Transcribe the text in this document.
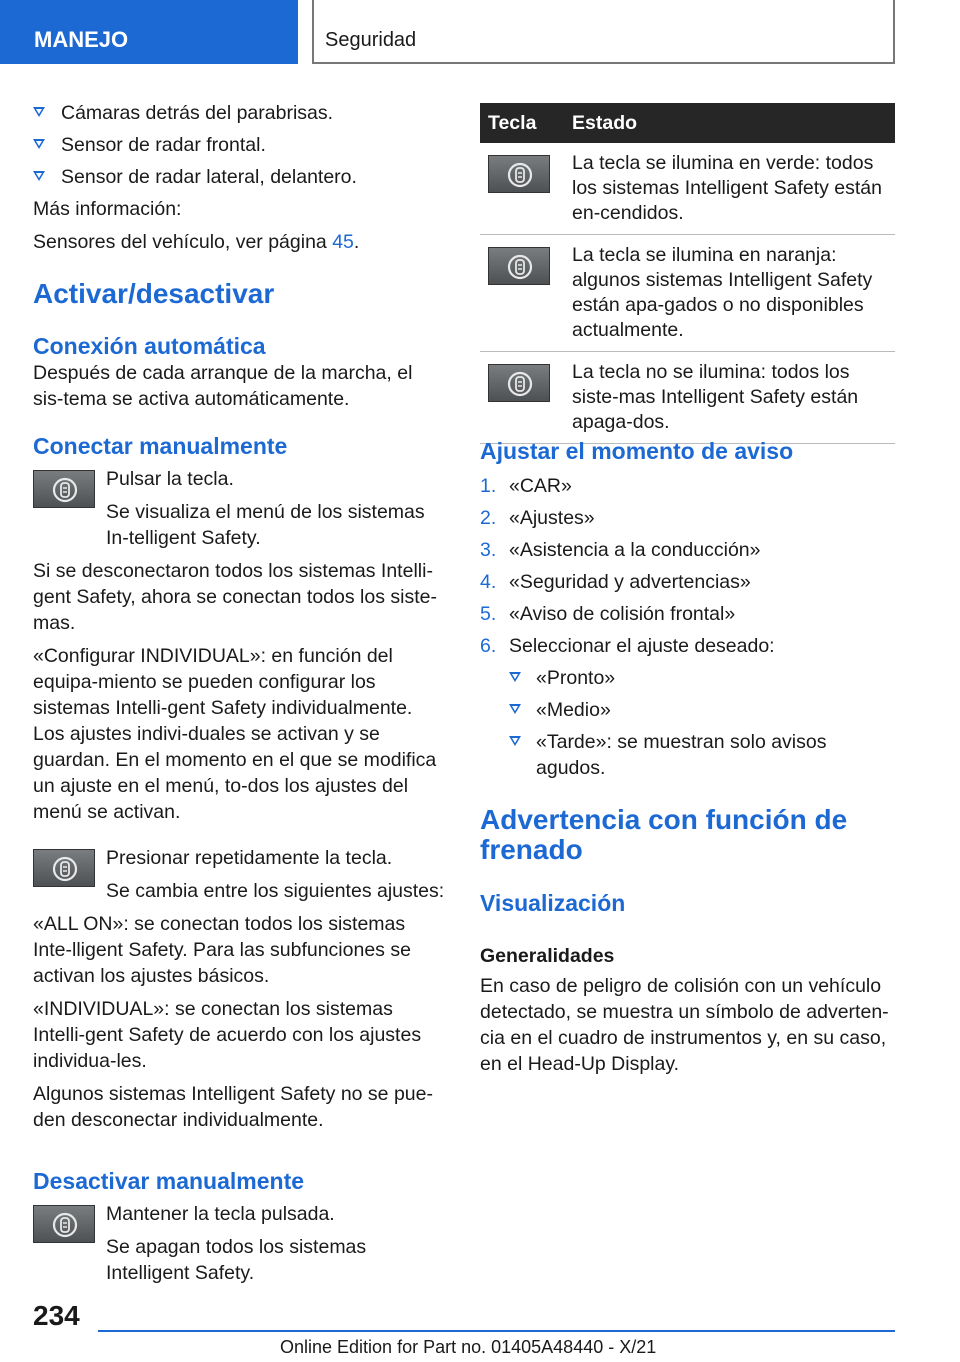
MANEJO	Seguridad
Cámaras detrás del parabrisas.
Sensor de radar frontal.
Sensor de radar lateral, delantero.

Más información:

Sensores del vehículo, ver página 45.

Activar/desactivar
Conexión automática

Después de cada arranque de la marcha, el sis-tema se activa automáticamente.

Conectar manualmente

Pulsar la tecla.

Se visualiza el menú de los sistemas In-telligent Safety.

Si se desconectaron todos los sistemas Intelli-gent Safety, ahora se conectan todos los siste-mas.

«Configurar INDIVIDUAL»: en función del equipa-miento se pueden configurar los sistemas Intelli-gent Safety individualmente. Los ajustes indivi-duales se activan y se guardan. En el momento en el que se modifica un ajuste en el menú, to-dos los ajustes del menú se activan.

Presionar repetidamente la tecla.

Se cambia entre los siguientes ajustes:

«ALL ON»: se conectan todos los sistemas Inte-lligent Safety. Para las subfunciones se activan los ajustes básicos.

«INDIVIDUAL»: se conectan los sistemas Intelli-gent Safety de acuerdo con los ajustes individua-les.

Algunos sistemas Intelligent Safety no se pue-den desconectar individualmente.

Desactivar manualmente

Mantener la tecla pulsada.

Se apagan todos los sistemas Intelligent Safety.

Tecla	Estado

	La tecla se ilumina en verde: todos los sistemas Intelligent Safety están en-cendidos.

	La tecla se ilumina en naranja: algunos sistemas Intelligent Safety están apa-gados o no disponibles actualmente.

	La tecla no se ilumina: todos los siste-mas Intelligent Safety están apaga-dos.
Ajustar el momento de aviso
1. «CAR»
2. «Ajustes»
3. «Asistencia a la conducción»
4. «Seguridad y advertencias»
5. «Aviso de colisión frontal»
6. Seleccionar el ajuste deseado:
«Pronto»
«Medio»
«Tarde»: se muestran solo avisos agudos.
Advertencia con función de frenado
Visualización
Generalidades

En caso de peligro de colisión con un vehículo detectado, se muestra un símbolo de adverten-cia en el cuadro de instrumentos y, en su caso, en el Head-Up Display.

234
Online Edition for Part no. 01405A48440 - X/21
